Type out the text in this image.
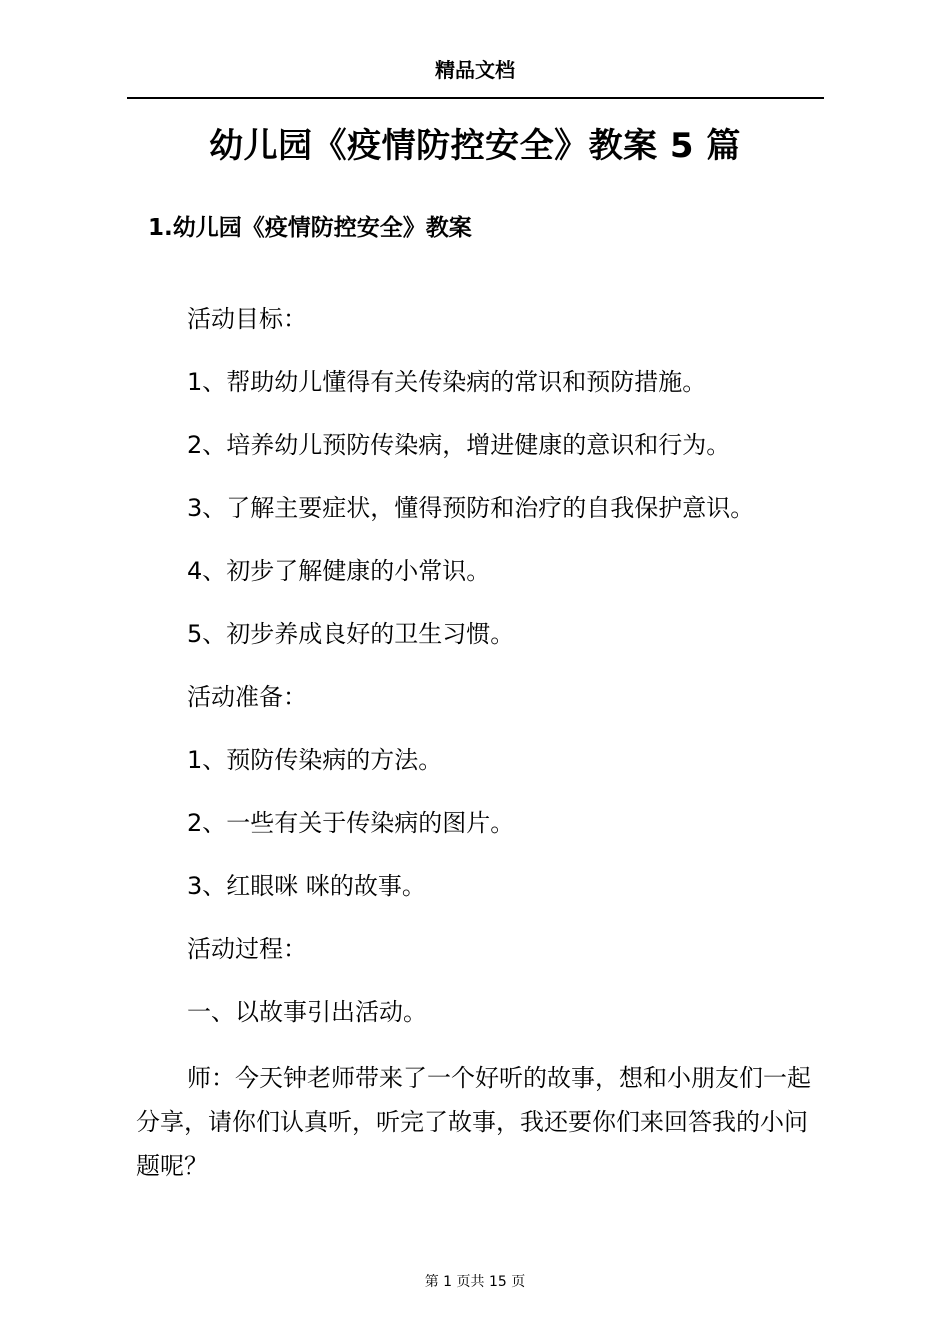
精品文档
幼儿园《疫情防控安全》教案 5 篇
1.幼儿园《疫情防控安全》教案
活动目标：
1、帮助幼儿懂得有关传染病的常识和预防措施。
2、培养幼儿预防传染病，增进健康的意识和行为。
3、了解主要症状，懂得预防和治疗的自我保护意识。
4、初步了解健康的小常识。
5、初步养成良好的卫生习惯。
活动准备：
1、预防传染病的方法。
2、一些有关于传染病的图片。
3、红眼咪 咪的故事。
活动过程：
一、以故事引出活动。

师：今天钟老师带来了一个好听的故事，想和小朋友们一起分享，请你们认真听，听完了故事，我还要你们来回答我的小问题呢？

第 1 页共 15 页
